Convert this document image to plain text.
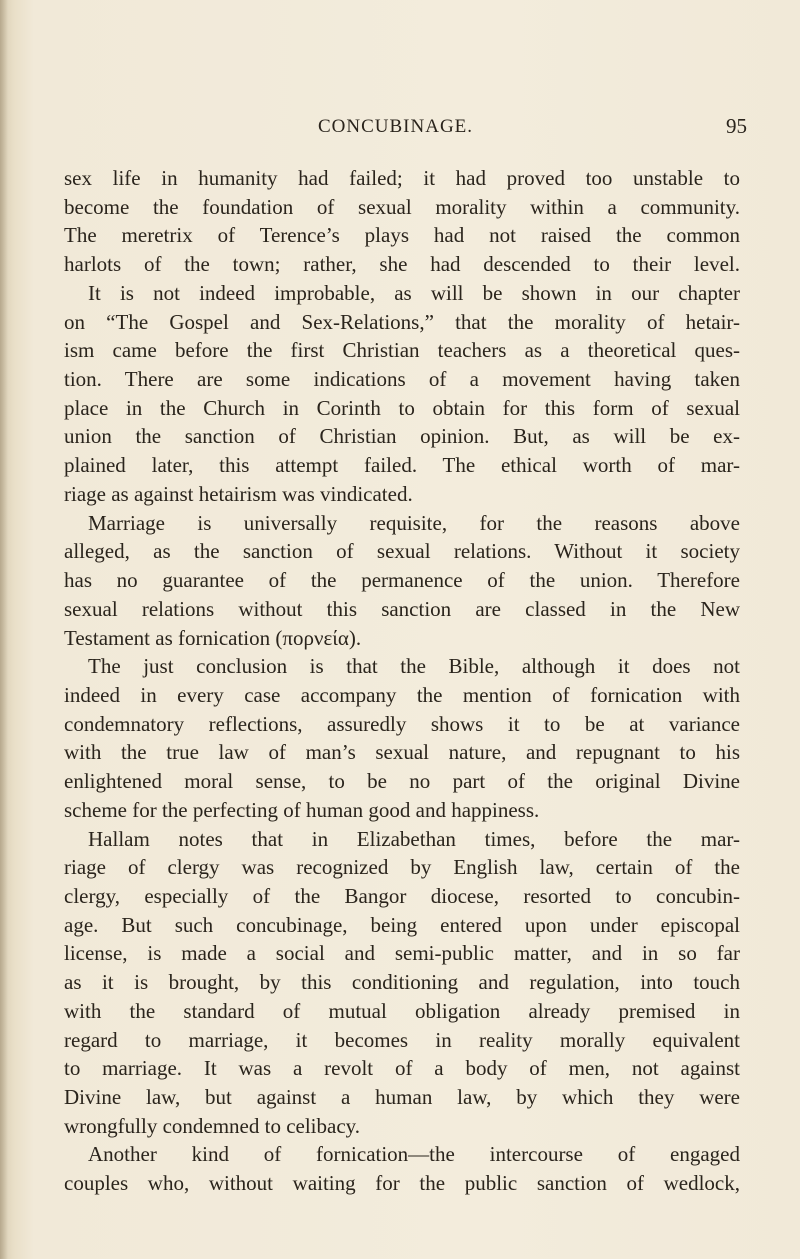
CONCUBINAGE.	95
sex life in humanity had failed; it had proved too unstable to
become the foundation of sexual morality within a community.
The meretrix of Terence’s plays had not raised the common
harlots of the town; rather, she had descended to their level.
It is not indeed improbable, as will be shown in our chapter
on “The Gospel and Sex-Relations,” that the morality of hetair-
ism came before the first Christian teachers as a theoretical ques-
tion. There are some indications of a movement having taken
place in the Church in Corinth to obtain for this form of sexual
union the sanction of Christian opinion. But, as will be ex-
plained later, this attempt failed. The ethical worth of mar-
riage as against hetairism was vindicated.
Marriage is universally requisite, for the reasons above
alleged, as the sanction of sexual relations. Without it society
has no guarantee of the permanence of the union. Therefore
sexual relations without this sanction are classed in the New
Testament as fornication (πορνεία).
The just conclusion is that the Bible, although it does not
indeed in every case accompany the mention of fornication with
condemnatory reflections, assuredly shows it to be at variance
with the true law of man’s sexual nature, and repugnant to his
enlightened moral sense, to be no part of the original Divine
scheme for the perfecting of human good and happiness.
Hallam notes that in Elizabethan times, before the mar-
riage of clergy was recognized by English law, certain of the
clergy, especially of the Bangor diocese, resorted to concubin-
age. But such concubinage, being entered upon under episcopal
license, is made a social and semi-public matter, and in so far
as it is brought, by this conditioning and regulation, into touch
with the standard of mutual obligation already premised in
regard to marriage, it becomes in reality morally equivalent
to marriage. It was a revolt of a body of men, not against
Divine law, but against a human law, by which they were
wrongfully condemned to celibacy.
Another kind of fornication—the intercourse of engaged
couples who, without waiting for the public sanction of wedlock,
